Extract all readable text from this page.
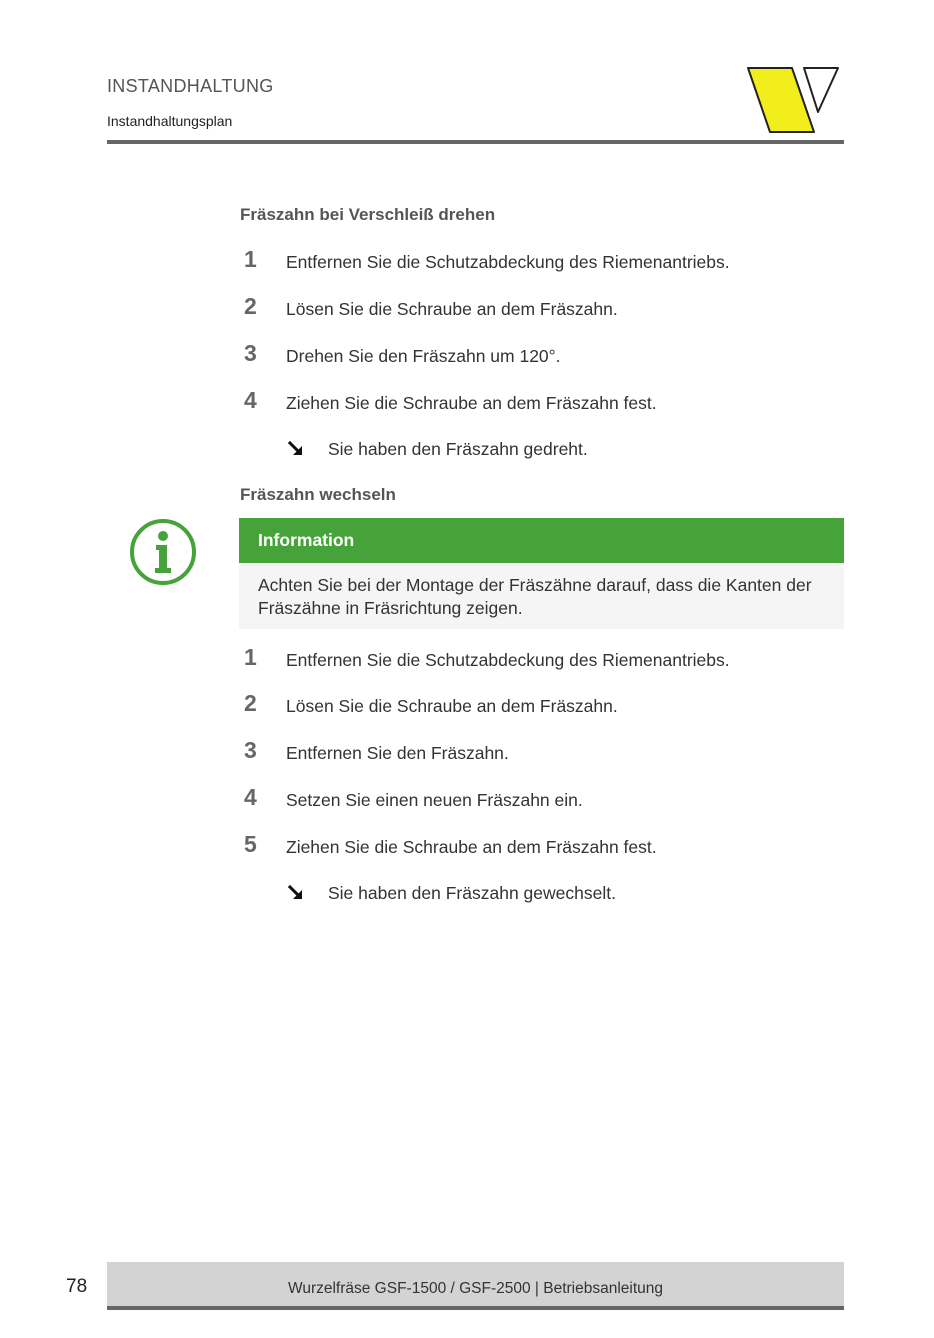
INSTANDHALTUNG
Instandhaltungsplan
Fräszahn bei Verschleiß drehen
1	Entfernen Sie die Schutzabdeckung des Riemenantriebs.
2	Lösen Sie die Schraube an dem Fräszahn.
3	Drehen Sie den Fräszahn um 120°.
4	Ziehen Sie die Schraube an dem Fräszahn fest.
Sie haben den Fräszahn gedreht.
Fräszahn wechseln
Information
Achten Sie bei der Montage der Fräszähne darauf, dass die Kanten der Fräszähne in Fräsrichtung zeigen.
1	Entfernen Sie die Schutzabdeckung des Riemenantriebs.
2	Lösen Sie die Schraube an dem Fräszahn.
3	Entfernen Sie den Fräszahn.
4	Setzen Sie einen neuen Fräszahn ein.
5	Ziehen Sie die Schraube an dem Fräszahn fest.
Sie haben den Fräszahn gewechselt.
78	Wurzelfräse GSF-1500 / GSF-2500 | Betriebsanleitung
